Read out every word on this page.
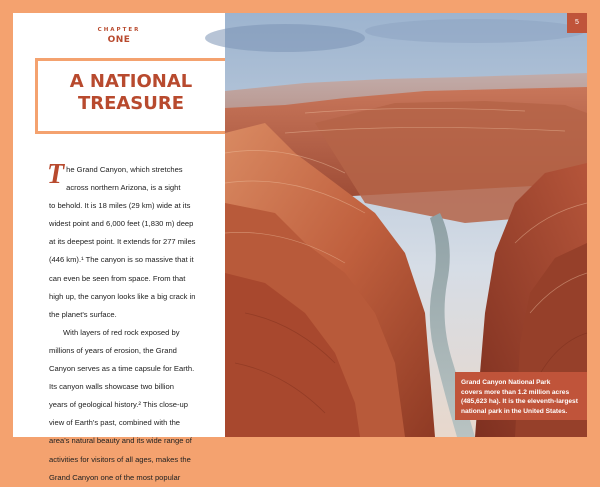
CHAPTER
ONE
A NATIONAL
TREASURE

T he Grand Canyon, which stretches
across northern Arizona, is a sight
to behold. It is 18 miles (29 km) wide at its
widest point and 6,000 feet (1,830 m) deep
at its deepest point. It extends for 277 miles
(446 km).¹ The canyon is so massive that it
can even be seen from space. From that
high up, the canyon looks like a big crack in
the planet's surface.

With layers of red rock exposed by
millions of years of erosion, the Grand
Canyon serves as a time capsule for Earth.
Its canyon walls showcase two billion
years of geological history.² This close-up
view of Earth's past, combined with the
area's natural beauty and its wide range of
activities for visitors of all ages, makes the
Grand Canyon one of the most popular

5
Grand Canyon National Park
covers more than 1.2 million acres
(485,623 ha). It is the eleventh-largest
national park in the United States.
